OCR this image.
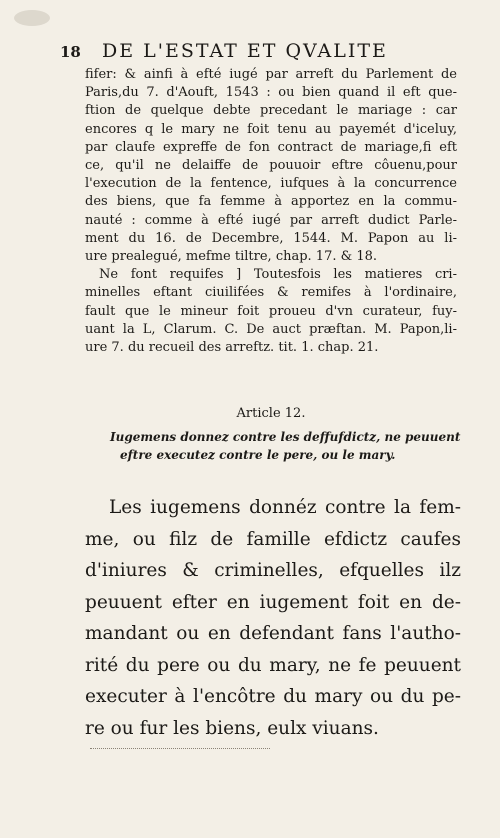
18	DE L'ESTAT ET QVALITE
fifer: & ainfi à efté iugé par arreft du Parlement de
Paris,du 7. d'Aouft, 1543 : ou bien quand il eft que-
ftion de quelque debte precedant le mariage : car
encores q le mary ne foit tenu au payemét d'iceluy,
par claufe expreffe de fon contract de mariage,fi eft
ce, qu'il ne delaiffe de pouuoir eftre côuenu,pour
l'execution de la fentence, iufques à la concurrence
des biens, que fa femme à apportez en la commu-
nauté : comme à efté iugé par arreft dudict Parle-
ment du 16. de Decembre, 1544. M. Papon au li-
ure prealegué, mefme tiltre, chap. 17. & 18.
Ne font requifes ] Toutesfois les matieres cri-
minelles eftant ciuilifées & remifes à l'ordinaire,
fault que le mineur foit proueu d'vn curateur, fuy-
uant la L, Clarum. C. De auct præftan. M. Papon,li-
ure 7. du recueil des arreftz. tit. 1. chap. 21.
Article 12.
Iugemens donnez contre les deffufdictz, ne peuuent
eftre executez contre le pere, ou le mary.
Les iugemens donnéz contre la fem-
me, ou filz de famille efdictz caufes
d'iniures & criminelles, efquelles ilz
peuuent efter en iugement foit en de-
mandant ou en defendant fans l'autho-
rité du pere ou du mary, ne fe peuuent
executer à l'encôtre du mary ou du pe-
re ou fur les biens, eulx viuans.
